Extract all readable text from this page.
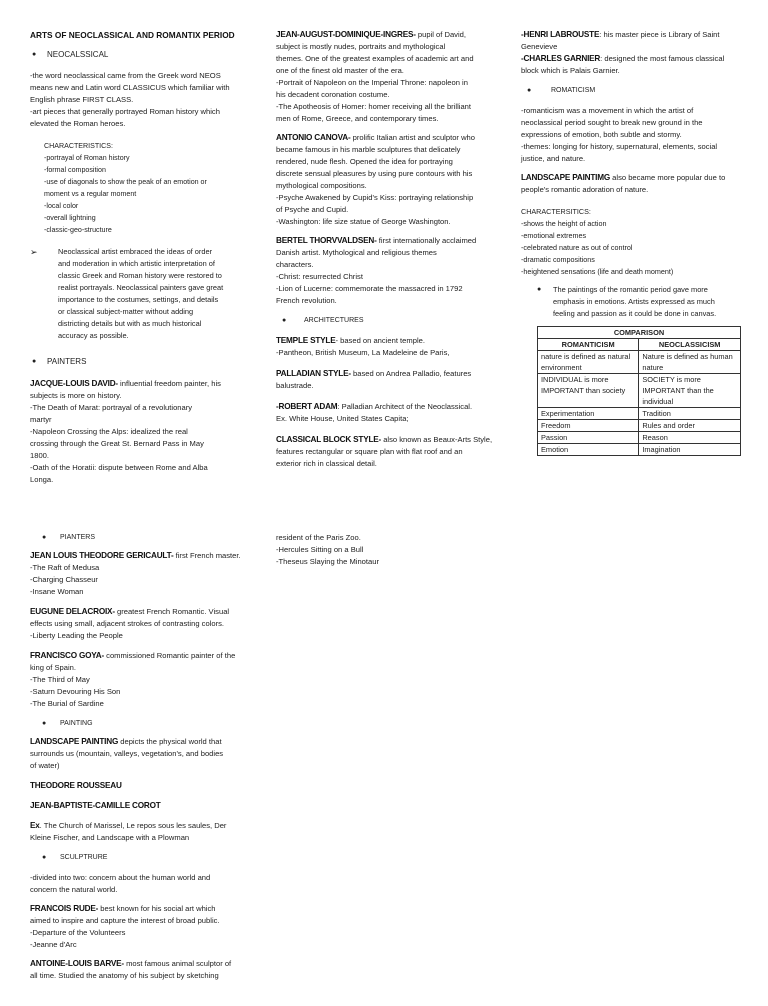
ARTS OF NEOCLASSICAL AND ROMANTIX PERIOD
●	NEOCALSSICAL
-the word neoclassical came from the Greek word NEOS
means new and Latin word CLASSICUS which familiar with
English phrase FIRST CLASS.
-art pieces that generally portrayed Roman history which
elevated the Roman heroes.
CHARACTERISTICS:
-portrayal of Roman history
-formal composition
-use of diagonals to show the peak of an emotion or
moment vs a regular moment
-local color
-overall lightning
-classic-geo-structure
➢	Neoclassical artist embraced the ideas of order
and moderation in which artistic interpretation of
classic Greek and Roman history were restored to
realist portrayals. Neoclassical painters gave great
importance to the costumes, settings, and details
or classical subject-matter without adding
districting details but with as much historical
accuracy as possible.
●	PAINTERS
JACQUE-LOUIS DAVID- influential freedom painter, his
subjects is more on history.
-The Death of Marat: portrayal of a revolutionary
martyr
-Napoleon Crossing the Alps: idealized the real
crossing through the Great St. Bernard Pass in May
1800.
-Oath of the Horatii: dispute between Rome and Alba
Longa.
JEAN-AUGUST-DOMINIQUE-INGRES- pupil of David,
subject is mostly nudes, portraits and mythological
themes. One of the greatest examples of academic art and
one of the finest old master of the era.
-Portrait of Napoleon on the Imperial Throne: napoleon in
his decadent coronation costume.
-The Apotheosis of Homer: homer receiving all the brilliant
men of Rome, Greece, and contemporary times.
ANTONIO CANOVA- prolific Italian artist and sculptor who
became famous in his marble sculptures that delicately
rendered, nude flesh. Opened the idea for portraying
discrete sensual pleasures by using pure contours with his
mythological compositions.
-Psyche Awakened by Cupid's Kiss: portraying relationship
of Psyche and Cupid.
-Washington: life size statue of George Washington.
BERTEL THORVVALDSEN- first internationally acclaimed
Danish artist. Mythological and religious themes
characters.
-Christ: resurrected Christ
-Lion of Lucerne: commemorate the massacred in 1792
French revolution.
●	ARCHITECTURES
TEMPLE STYLE- based on ancient temple.
-Pantheon, British Museum, La Madeleine de Paris,
PALLADIAN STYLE- based on Andrea Palladio, features
balustrade.
-ROBERT ADAM: Palladian Architect of the Neoclassical.
Ex. White House, United States Capita;
CLASSICAL BLOCK STYLE- also known as Beaux-Arts Style,
features rectangular or square plan with flat roof and an
exterior rich in classical detail.
-HENRI LABROUSTE: his master piece is Library of Saint
Genevieve
-CHARLES GARNIER: designed the most famous classical
block which is Palais Garnier.
●	ROMATICISM
-romanticism was a movement in which the artist of
neoclassical period sought to break new ground in the
expressions of emotion, both subtle and stormy.
-themes: longing for history, supernatural, elements, social
justice, and nature.
LANDSCAPE PAINTIMG also became more popular due to
people's romantic adoration of nature.
CHARACTERSITICS:
-shows the height of action
-emotional extremes
-celebrated nature as out of control
-dramatic compositions
-heightened sensations (life and death moment)
●	The paintings of the romantic period gave more
emphasis in emotions. Artists expressed as much
feeling and passion as it could be done in canvas.
COMPARISON	
ROMANTICISM	NEOCLASSICISM
nature is defined as natural environment	Nature is defined as human nature
INDIVIDUAL is more IMPORTANT than society	SOCIETY is more IMPORTANT than the individual
Experimentation	Tradition
Freedom	Rules and order
Passion	Reason
Emotion	Imagination
●	PIANTERS
JEAN LOUIS THEODORE GERICAULT- first French master.
-The Raft of Medusa
-Charging Chasseur
-Insane Woman
EUGUNE DELACROIX- greatest French Romantic. Visual
effects using small, adjacent strokes of contrasting colors.
-Liberty Leading the People
FRANCISCO GOYA- commissioned Romantic painter of the
king of Spain.
-The Third of May
-Saturn Devouring His Son
-The Burial of Sardine
●	PAINTING
LANDSCAPE PAINTING depicts the physical world that
surrounds us (mountain, valleys, vegetation's, and bodies
of water)
THEODORE ROUSSEAU
JEAN-BAPTISTE-CAMILLE COROT
Ex. The Church of Marissel, Le repos sous les saules, Der
Kleine Fischer, and Landscape with a Plowman
●	SCULPTRURE
-divided into two: concern about the human world and
concern the natural world.
FRANCOIS RUDE- best known for his social art which
aimed to inspire and capture the interest of broad public.
-Departure of the Volunteers
-Jeanne d'Arc
ANTOINE-LOUIS BARVE- most famous animal sculptor of
all time. Studied the anatomy of his subject by sketching
resident of the Paris Zoo.
-Hercules Sitting on a Bull
-Theseus Slaying the Minotaur
